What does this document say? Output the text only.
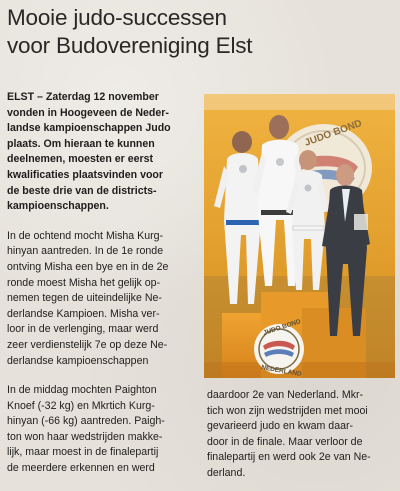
Mooie judo-successen
voor Budovereniging Elst
ELST – Zaterdag 12 november
vonden in Hoogeveen de Neder-
landse kampioenschappen Judo
plaats. Om hieraan te kunnen
deelnemen, moesten er eerst
kwalificaties plaatsvinden voor
de beste drie van de districts-
kampioenschappen.
In de ochtend mocht Misha Kurg-
hinyan aantreden. In de 1e ronde
ontving Misha een bye en in de 2e
ronde moest Misha het gelijk op-
nemen tegen de uiteindelijke Ne-
derlandse Kampioen. Misha ver-
loor in de verlenging, maar werd
zeer verdienstelijk 7e op deze Ne-
derlandse kampioenschappen
In de middag mochten Paighton
Knoef (-32 kg) en Mkrtich Kurg-
hinyan (-66 kg) aantreden. Paigh-
ton won haar wedstrijden makke-
lijk, maar moest in de finalepartij
de meerdere erkennen en werd
JUDO BOND
JUDO BOND
NEDERLAND
daardoor 2e van Nederland. Mkr-
tich won zijn wedstrijden met mooi
gevarieerd judo en kwam daar-
door in de finale. Maar verloor de
finalepartij en werd ook 2e van Ne-
derland.
